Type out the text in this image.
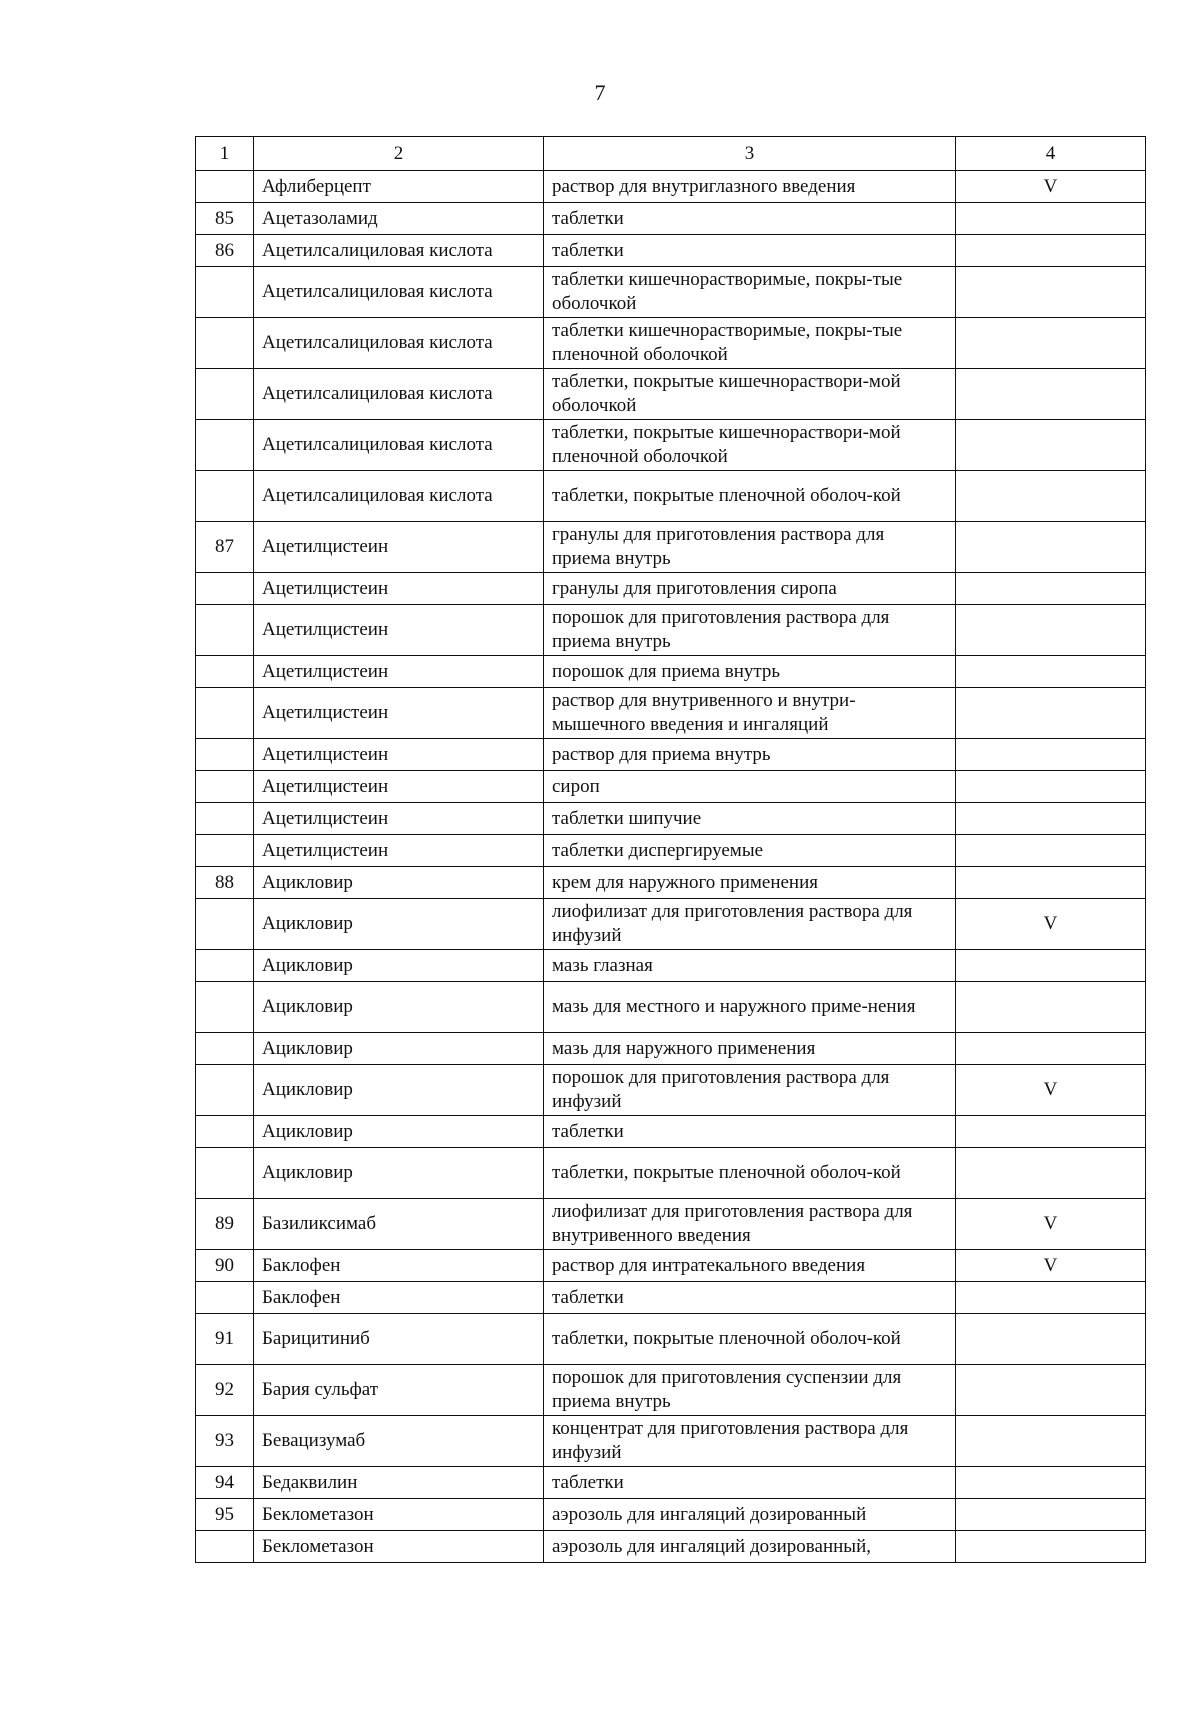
7
1	2	3	4
	Афлиберцепт	раствор для внутриглазного введения	V
85	Ацетазоламид	таблетки	
86	Ацетилсалициловая кислота	таблетки	
	Ацетилсалициловая кислота	таблетки кишечнорастворимые, покры-тые оболочкой	
	Ацетилсалициловая кислота	таблетки кишечнорастворимые, покры-тые пленочной оболочкой	
	Ацетилсалициловая кислота	таблетки, покрытые кишечнораствори-мой оболочкой	
	Ацетилсалициловая кислота	таблетки, покрытые кишечнораствори-мой пленочной оболочкой	
	Ацетилсалициловая кислота	таблетки, покрытые пленочной оболоч-кой	
87	Ацетилцистеин	гранулы для приготовления раствора для приема внутрь	
	Ацетилцистеин	гранулы для приготовления сиропа	
	Ацетилцистеин	порошок для приготовления раствора для приема внутрь	
	Ацетилцистеин	порошок для приема внутрь	
	Ацетилцистеин	раствор для внутривенного и внутри-мышечного введения и ингаляций	
	Ацетилцистеин	раствор для приема внутрь	
	Ацетилцистеин	сироп	
	Ацетилцистеин	таблетки шипучие	
	Ацетилцистеин	таблетки диспергируемые	
88	Ацикловир	крем для наружного применения	
	Ацикловир	лиофилизат для приготовления раствора для инфузий	V
	Ацикловир	мазь глазная	
	Ацикловир	мазь для местного и наружного приме-нения	
	Ацикловир	мазь для наружного применения	
	Ацикловир	порошок для приготовления раствора для инфузий	V
	Ацикловир	таблетки	
	Ацикловир	таблетки, покрытые пленочной оболоч-кой	
89	Базиликсимаб	лиофилизат для приготовления раствора для внутривенного введения	V
90	Баклофен	раствор для интратекального введения	V
	Баклофен	таблетки	
91	Барицитиниб	таблетки, покрытые пленочной оболоч-кой	
92	Бария сульфат	порошок для приготовления суспензии для приема внутрь	
93	Бевацизумаб	концентрат для приготовления раствора для инфузий	
94	Бедаквилин	таблетки	
95	Беклометазон	аэрозоль для ингаляций дозированный	
	Беклометазон	аэрозоль для ингаляций дозированный,	
